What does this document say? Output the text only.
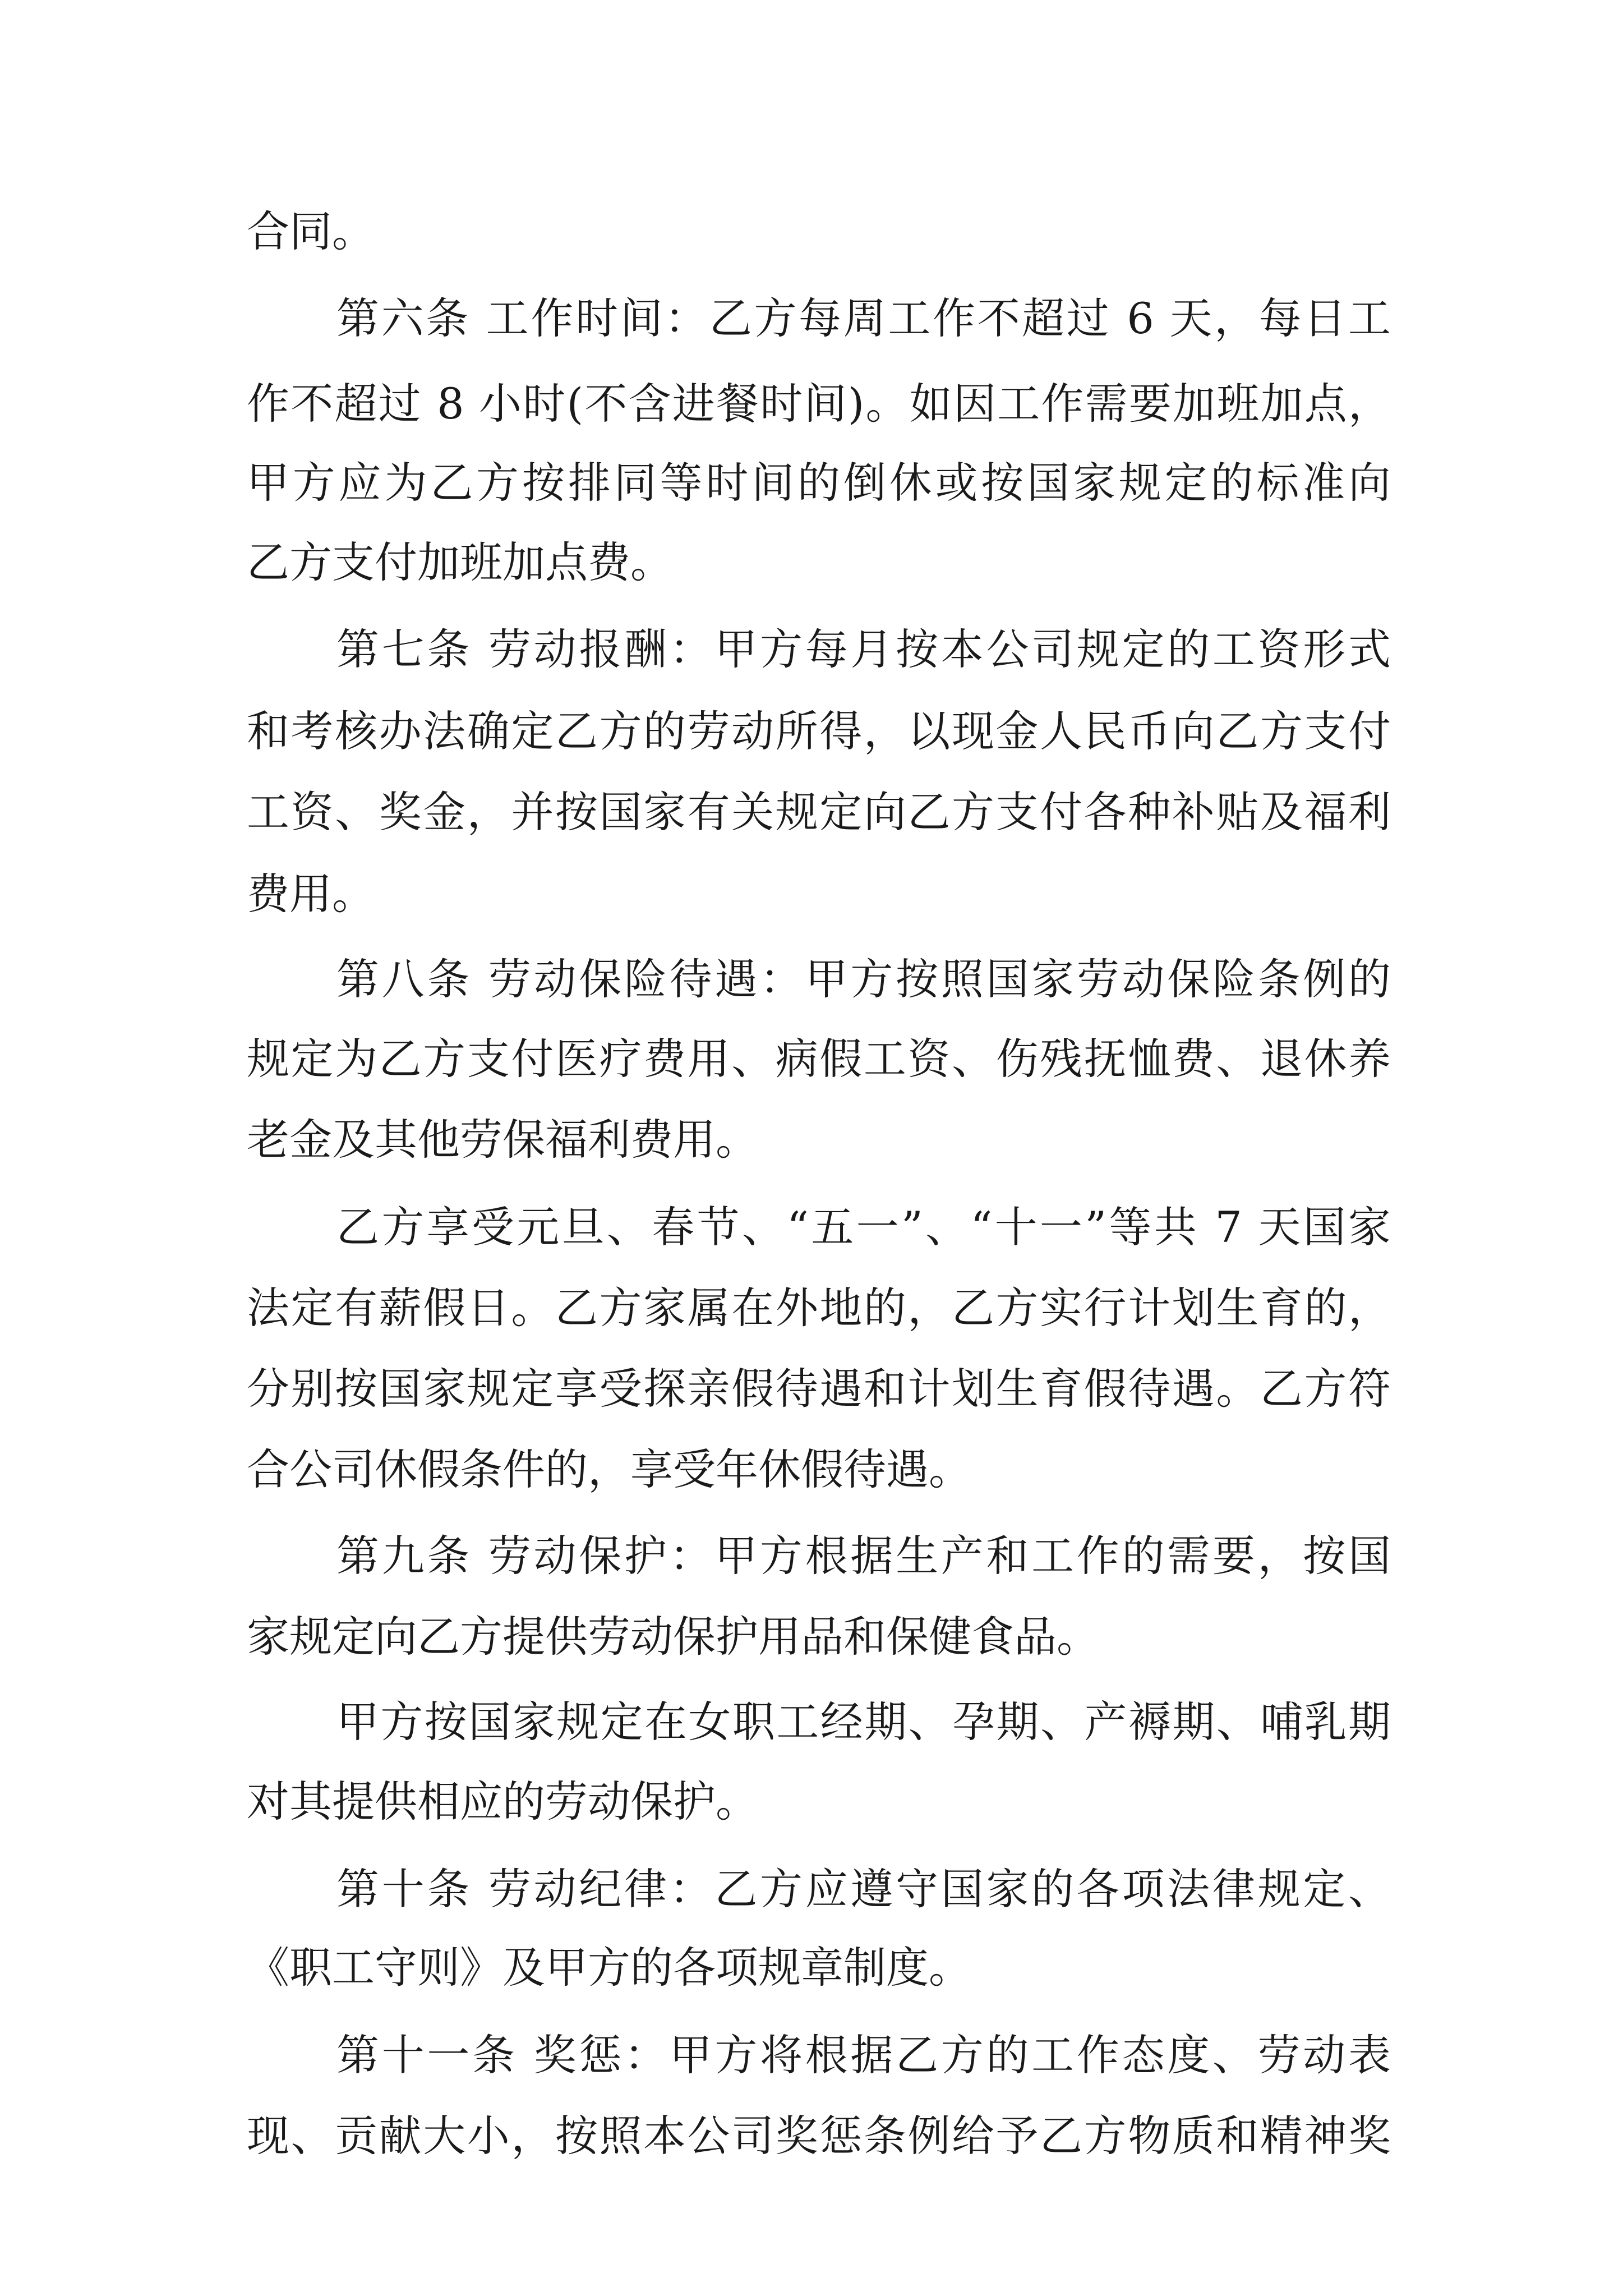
合同。
第六条 工作时间：乙方每周工作不超过 6 天，每日工
作不超过 8 小时(不含进餐时间)。如因工作需要加班加点，
甲方应为乙方按排同等时间的倒休或按国家规定的标准向
乙方支付加班加点费。
第七条 劳动报酬：甲方每月按本公司规定的工资形式
和考核办法确定乙方的劳动所得，以现金人民币向乙方支付
工资、奖金，并按国家有关规定向乙方支付各种补贴及福利
费用。
第八条 劳动保险待遇：甲方按照国家劳动保险条例的
规定为乙方支付医疗费用、病假工资、伤残抚恤费、退休养
老金及其他劳保福利费用。
乙方享受元旦、春节、“五一”、“十一”等共 7 天国家
法定有薪假日。乙方家属在外地的，乙方实行计划生育的，
分别按国家规定享受探亲假待遇和计划生育假待遇。乙方符
合公司休假条件的，享受年休假待遇。
第九条 劳动保护：甲方根据生产和工作的需要，按国
家规定向乙方提供劳动保护用品和保健食品。
甲方按国家规定在女职工经期、孕期、产褥期、哺乳期
对其提供相应的劳动保护。
第十条 劳动纪律：乙方应遵守国家的各项法律规定、
《职工守则》及甲方的各项规章制度。
第十一条 奖惩：甲方将根据乙方的工作态度、劳动表
现、贡献大小，按照本公司奖惩条例给予乙方物质和精神奖
